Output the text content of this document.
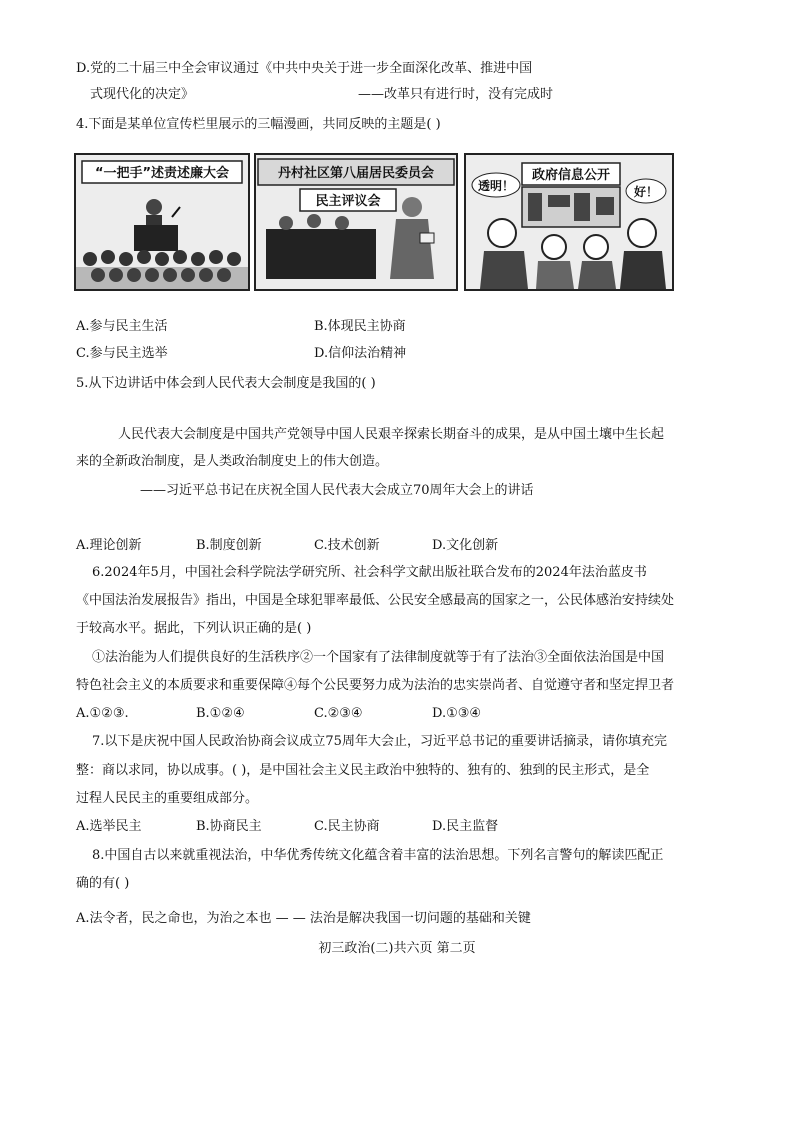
D.党的二十届三中全会审议通过《中共中央关于进一步全面深化改革、推进中国
式现代化的决定》	——改革只有进行时，没有完成时
4.下面是某单位宣传栏里展示的三幅漫画，共同反映的主题是( )
“一把手”述责述廉大会	丹村社区第八届居民委员会
民主评议会
政府信息公开
透明！	好！
A.参与民主生活	B.体现民主协商
C.参与民主选举	D.信仰法治精神
5.从下边讲话中体会到人民代表大会制度是我国的( )
人民代表大会制度是中国共产党领导中国人民艰辛探索长期奋斗的成果，是从中国土壤中生长起
来的全新政治制度，是人类政治制度史上的伟大创造。
——习近平总书记在庆祝全国人民代表大会成立70周年大会上的讲话
A.理论创新	B.制度创新	C.技术创新	D.文化创新
6.2024年5月，中国社会科学院法学研究所、社会科学文献出版社联合发布的2024年法治蓝皮书
《中国法治发展报告》指出，中国是全球犯罪率最低、公民安全感最高的国家之一，公民体感治安持续处
于较高水平。据此，下列认识正确的是( )
①法治能为人们提供良好的生活秩序②一个国家有了法律制度就等于有了法治③全面依法治国是中国
特色社会主义的本质要求和重要保障④每个公民要努力成为法治的忠实崇尚者、自觉遵守者和坚定捍卫者
A.①②③.	B.①②④	C.②③④	D.①③④
7.以下是庆祝中国人民政治协商会议成立75周年大会止，习近平总书记的重要讲话摘录，请你填充完
整：商以求同，协以成事。( )，是中国社会主义民主政治中独特的、独有的、独到的民主形式，是全
过程人民民主的重要组成部分。
A.选举民主	B.协商民主	C.民主协商	D.民主监督
8.中国自古以来就重视法治，中华优秀传统文化蕴含着丰富的法治思想。下列名言警句的解读匹配正
确的有( )
A.法令者，民之命也，为治之本也 — — 法治是解决我国一切问题的基础和关键
初三政治(二)共六页 第二页
